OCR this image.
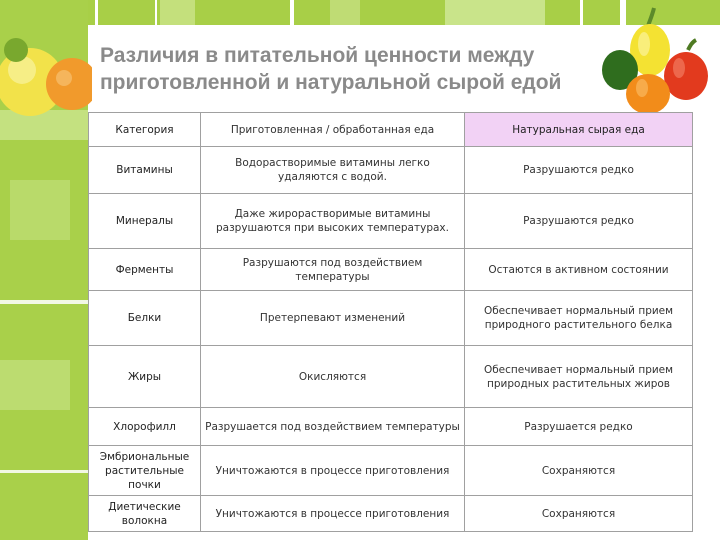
Различия в питательной ценности между
приготовленной и натуральной сырой едой
Категория	Приготовленная / обработанная еда	Натуральная сырая еда
Витамины	Водорастворимые витамины легко удаляются с водой.	Разрушаются редко
Минералы	Даже жирорастворимые витамины разрушаются при высоких температурах.	Разрушаются редко
Ферменты	Разрушаются под воздействием температуры	Остаются в активном состоянии
Белки	Претерпевают изменений	Обеспечивает нормальный прием природного растительного белка
Жиры	Окисляются	Обеспечивает нормальный прием природных растительных жиров
Хлорофилл	Разрушается под воздействием температуры	Разрушается редко
Эмбриональные растительные почки	Уничтожаются в процессе приготовления	Сохраняются
Диетические волокна	Уничтожаются в процессе приготовления	Сохраняются
